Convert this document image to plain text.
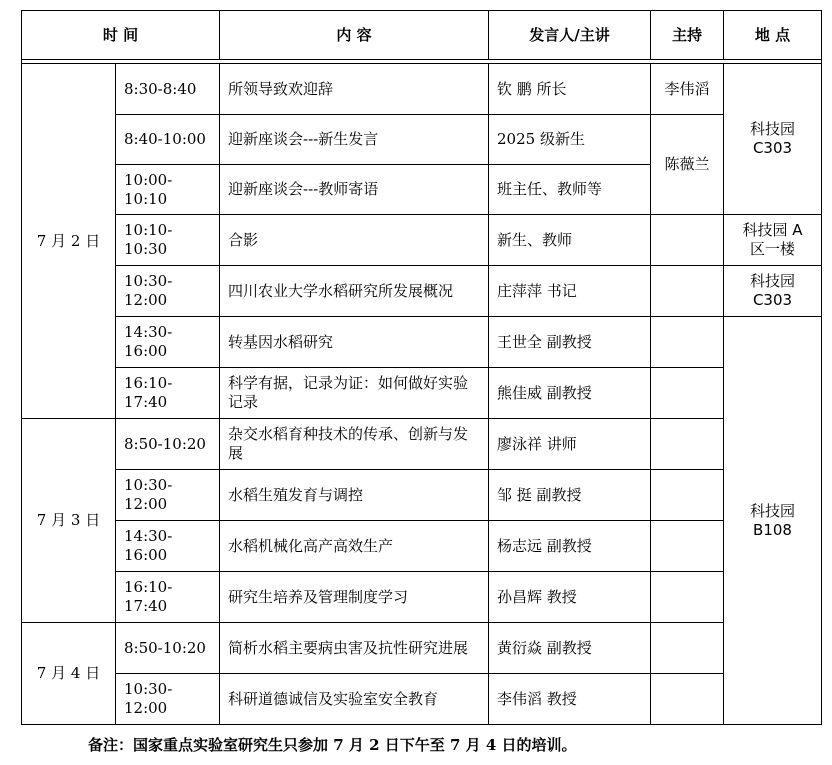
时 间		内 容	发言人/主讲	主持	地 点

7 月 2 日	8:30-8:40	所领导致欢迎辞	钦 鹏 所长	李伟滔	科技园
C303
	8:40-10:00	迎新座谈会---新生发言	2025 级新生	陈薇兰	
	10:00-10:10	迎新座谈会---教师寄语	班主任、教师等		
	10:10-10:30	合影	新生、教师		科技园 A
区一楼
	10:30-12:00	四川农业大学水稻研究所发展概况	庄萍萍 书记		科技园
C303
	14:30-16:00	转基因水稻研究	王世全 副教授		科技园
B108
	16:10-17:40	科学有据，记录为证：如何做好实验记录	熊佳威 副教授		
7 月 3 日	8:50-10:20	杂交水稻育种技术的传承、创新与发展	廖泳祥 讲师		
	10:30-12:00	水稻生殖发育与调控	邹 挺 副教授		
	14:30-16:00	水稻机械化高产高效生产	杨志远 副教授		
	16:10-17:40	研究生培养及管理制度学习	孙昌辉 教授		
7 月 4 日	8:50-10:20	简析水稻主要病虫害及抗性研究进展	黄衍焱 副教授		
	10:30-12:00	科研道德诚信及实验室安全教育	李伟滔 教授		
备注：国家重点实验室研究生只参加 7 月 2 日下午至 7 月 4 日的培训。
